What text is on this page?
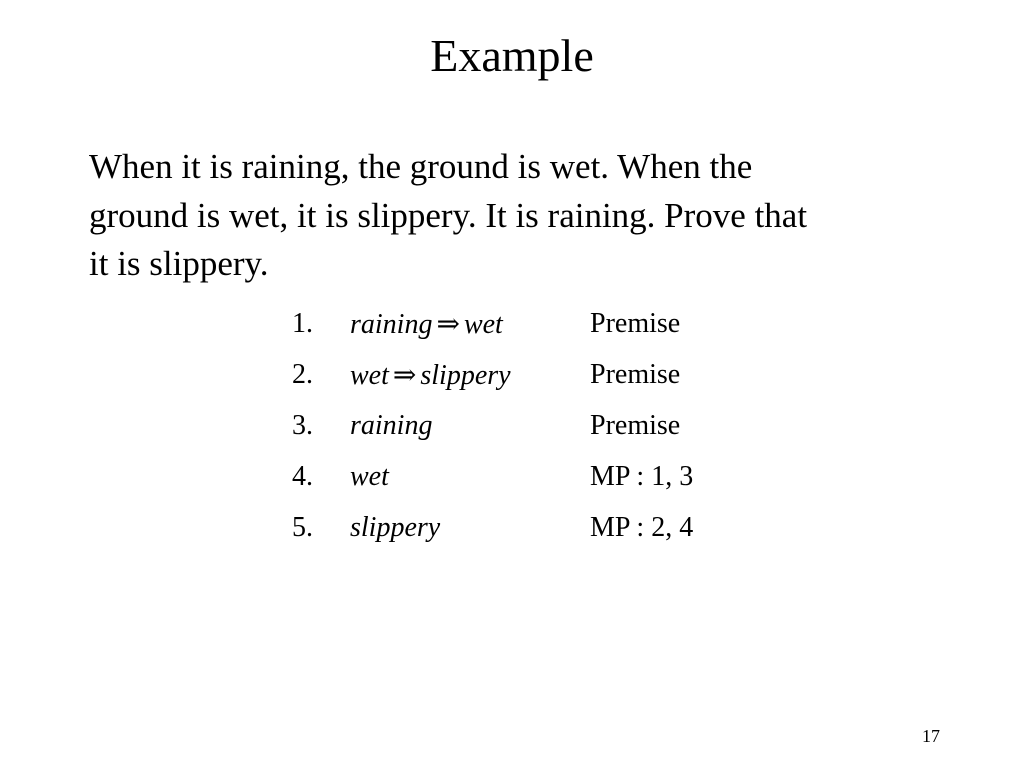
Example
When it is raining, the ground is wet. When the
ground is wet, it is slippery. It is raining. Prove that
it is slippery.
1.	raining ⇒ wet	Premise
2.	wet ⇒ slippery	Premise
3.	raining	Premise
4.	wet	MP : 1, 3
5.	slippery	MP : 2, 4
17
